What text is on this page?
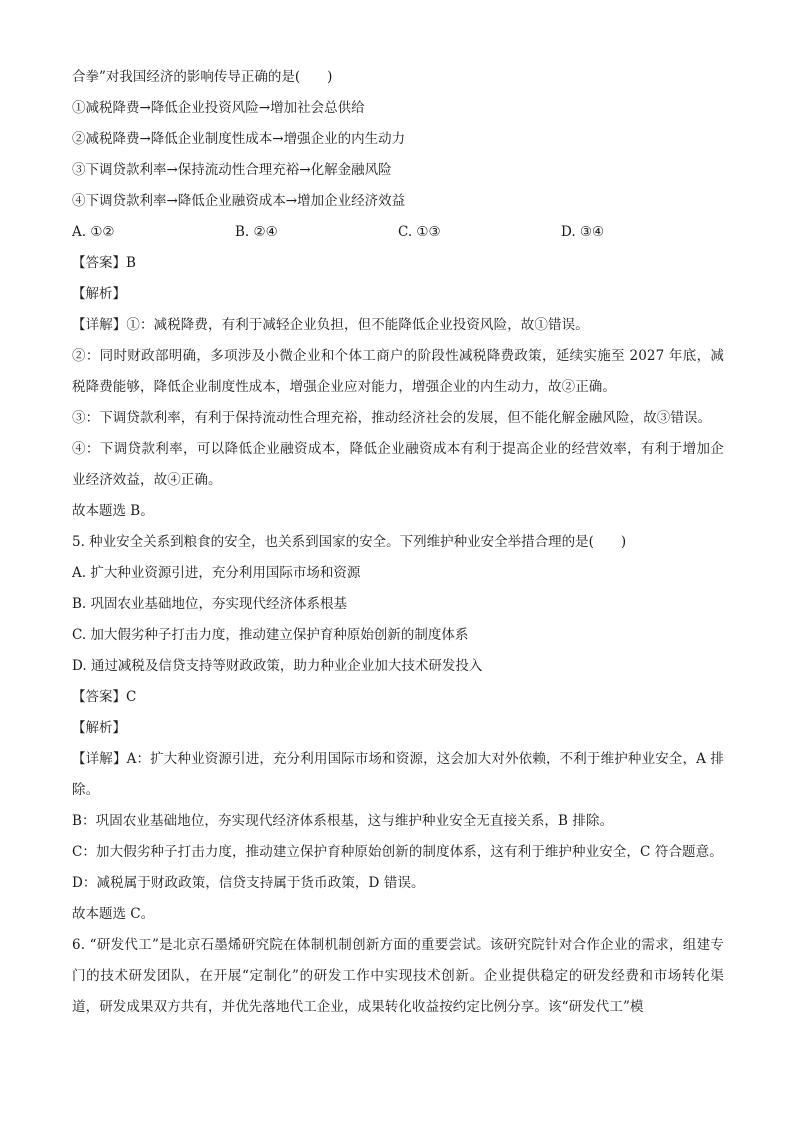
合拳”对我国经济的影响传导正确的是(　　)
①减税降费→降低企业投资风险→增加社会总供给
②减税降费→降低企业制度性成本→增强企业的内生动力
③下调贷款利率→保持流动性合理充裕→化解金融风险
④下调贷款利率→降低企业融资成本→增加企业经济效益
A. ①②	B. ②④	C. ①③	D. ③④
【答案】B
【解析】
【详解】①：减税降费，有利于减轻企业负担，但不能降低企业投资风险，故①错误。
②：同时财政部明确，多项涉及小微企业和个体工商户的阶段性减税降费政策，延续实施至 2027 年底，减税降费能够，降低企业制度性成本，增强企业应对能力，增强企业的内生动力，故②正确。
③：下调贷款利率，有利于保持流动性合理充裕，推动经济社会的发展，但不能化解金融风险，故③错误。
④：下调贷款利率，可以降低企业融资成本，降低企业融资成本有利于提高企业的经营效率，有利于增加企业经济效益，故④正确。
故本题选 B。
5. 种业安全关系到粮食的安全，也关系到国家的安全。下列维护种业安全举措合理的是(　　)
A. 扩大种业资源引进，充分利用国际市场和资源
B. 巩固农业基础地位，夯实现代经济体系根基
C. 加大假劣种子打击力度，推动建立保护育种原始创新的制度体系
D. 通过减税及信贷支持等财政政策，助力种业企业加大技术研发投入
【答案】C
【解析】
【详解】A：扩大种业资源引进，充分利用国际市场和资源，这会加大对外依赖，不利于维护种业安全，A 排除。
B：巩固农业基础地位，夯实现代经济体系根基，这与维护种业安全无直接关系，B 排除。
C：加大假劣种子打击力度，推动建立保护育种原始创新的制度体系，这有利于维护种业安全，C 符合题意。
D：减税属于财政政策，信贷支持属于货币政策，D 错误。
故本题选 C。
6. “研发代工”是北京石墨烯研究院在体制机制创新方面的重要尝试。该研究院针对合作企业的需求，组建专门的技术研发团队，在开展“定制化”的研发工作中实现技术创新。企业提供稳定的研发经费和市场转化渠道，研发成果双方共有，并优先落地代工企业，成果转化收益按约定比例分享。该“研发代工”模
